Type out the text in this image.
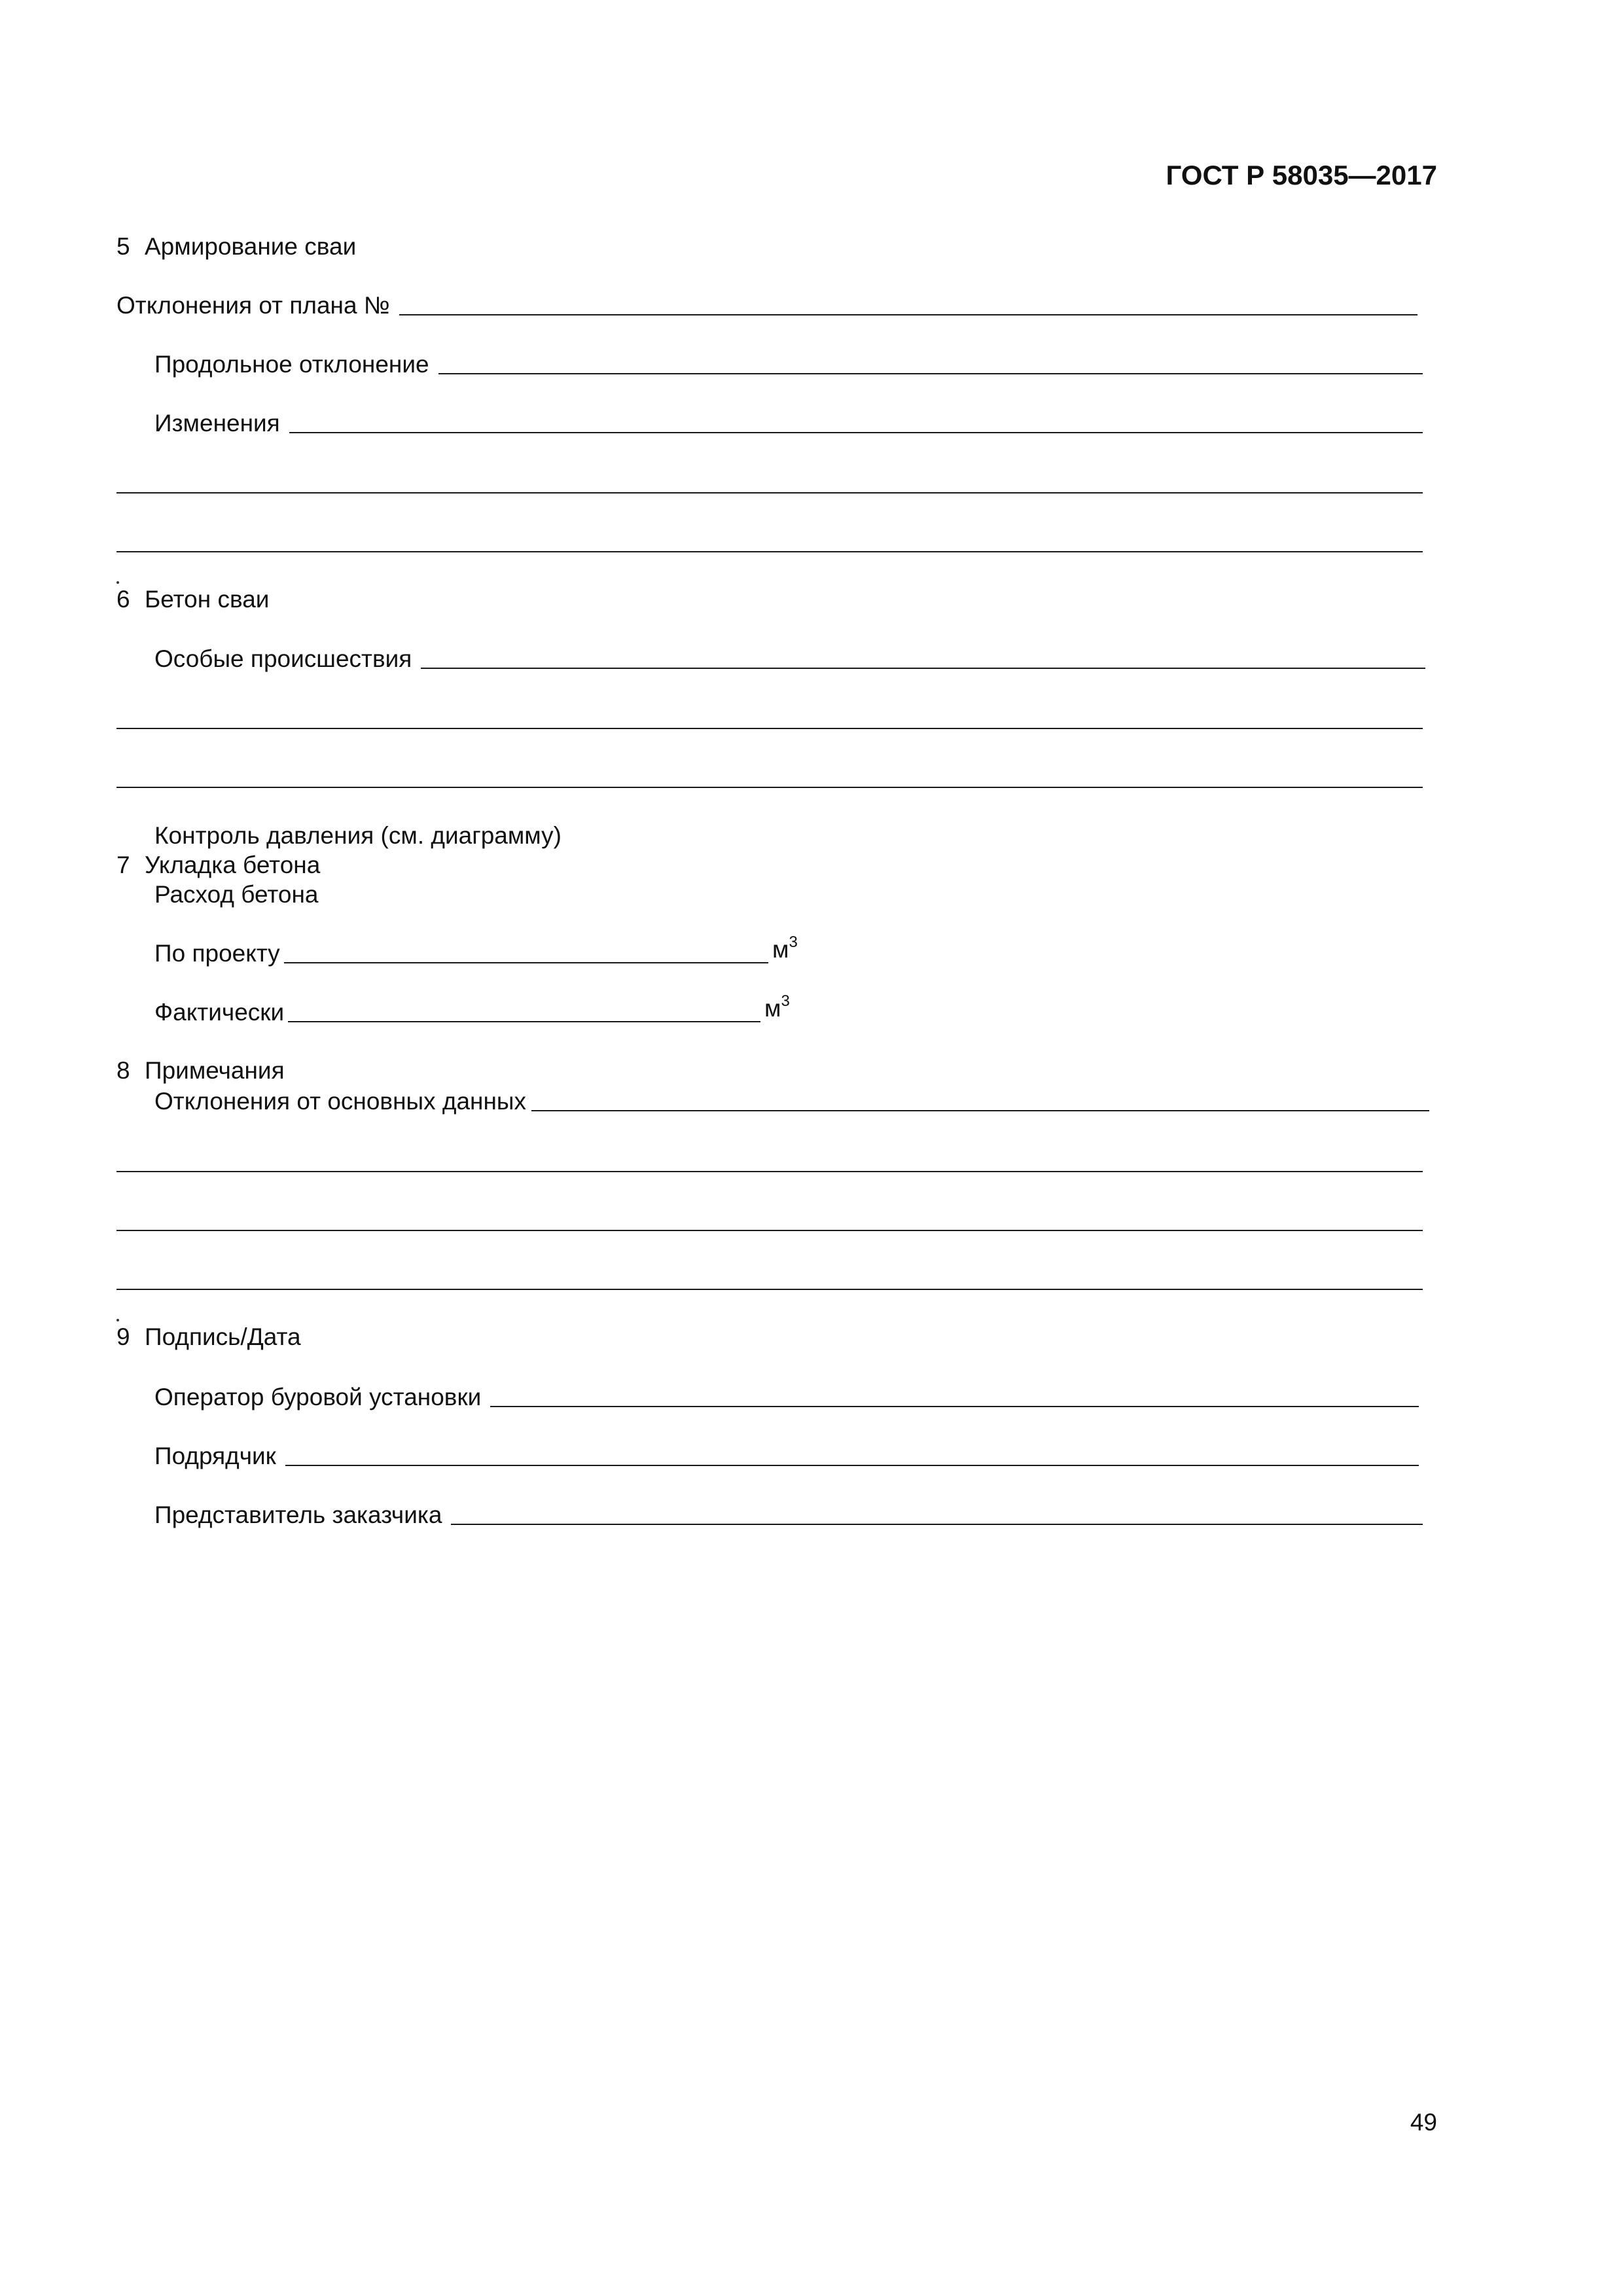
ГОСТ Р 58035—2017
5 Армирование сваи
Отклонения от плана №
Продольное отклонение
Изменения
6 Бетон сваи
Особые происшествия
Контроль давления (см. диаграмму)
7 Укладка бетона
Расход бетона
По проекту	$м^3$
Фактически	$м^3$
8 Примечания
Отклонения от основных данных
9 Подпись/Дата
Оператор буровой установки
Подрядчик
Представитель заказчика
49
